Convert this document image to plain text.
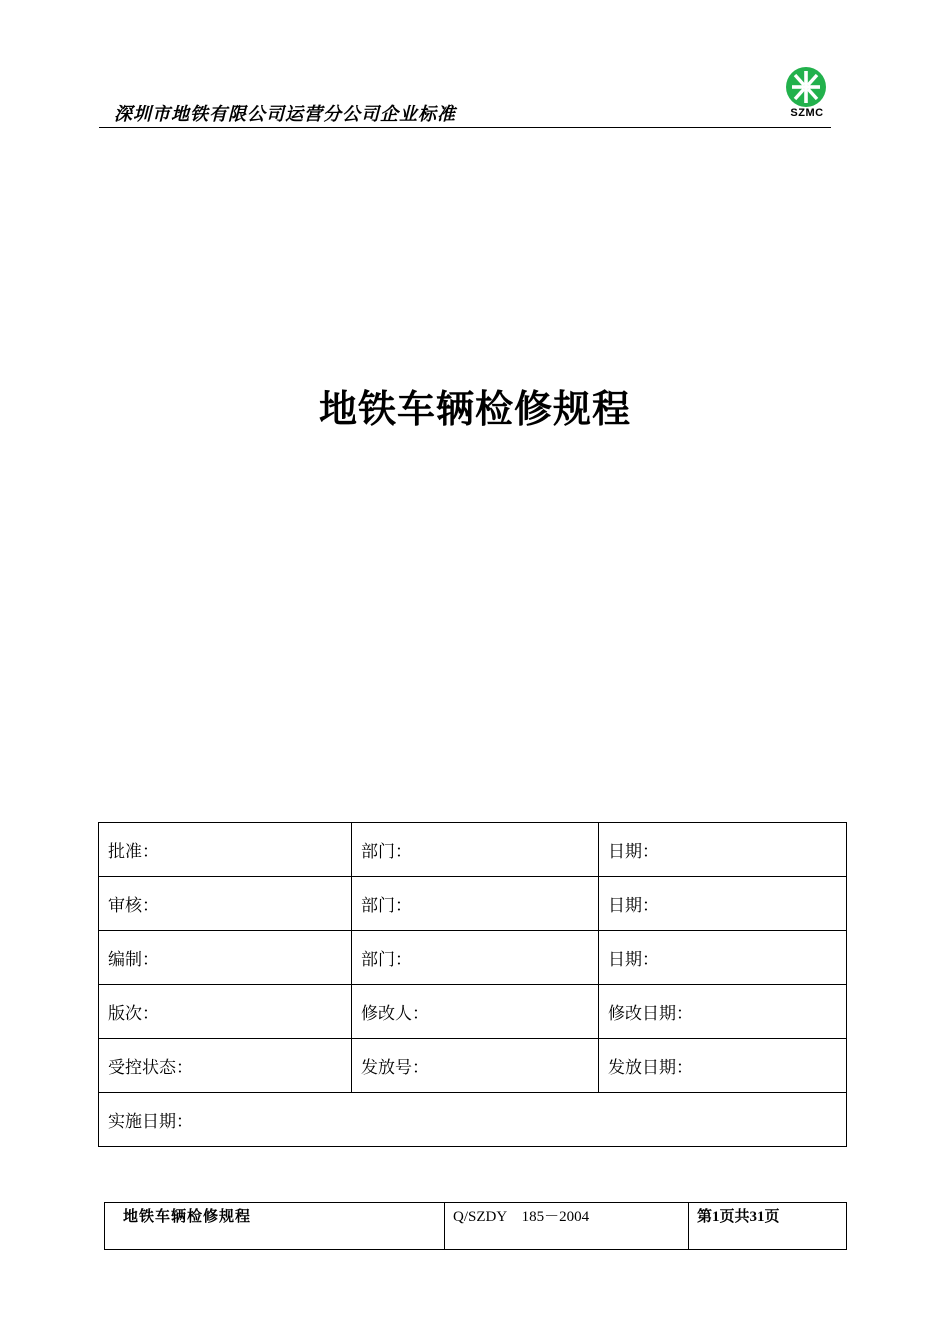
深圳市地铁有限公司运营分公司企业标准	SZMC
地铁车辆检修规程
批准：	部门：	日期：
审核：	部门：	日期：
编制：	部门：	日期：
版次：	修改人：	修改日期：
受控状态：	发放号：	发放日期：
实施日期：		
地铁车辆检修规程	Q/SZDY　185－2004	第1页共31页
